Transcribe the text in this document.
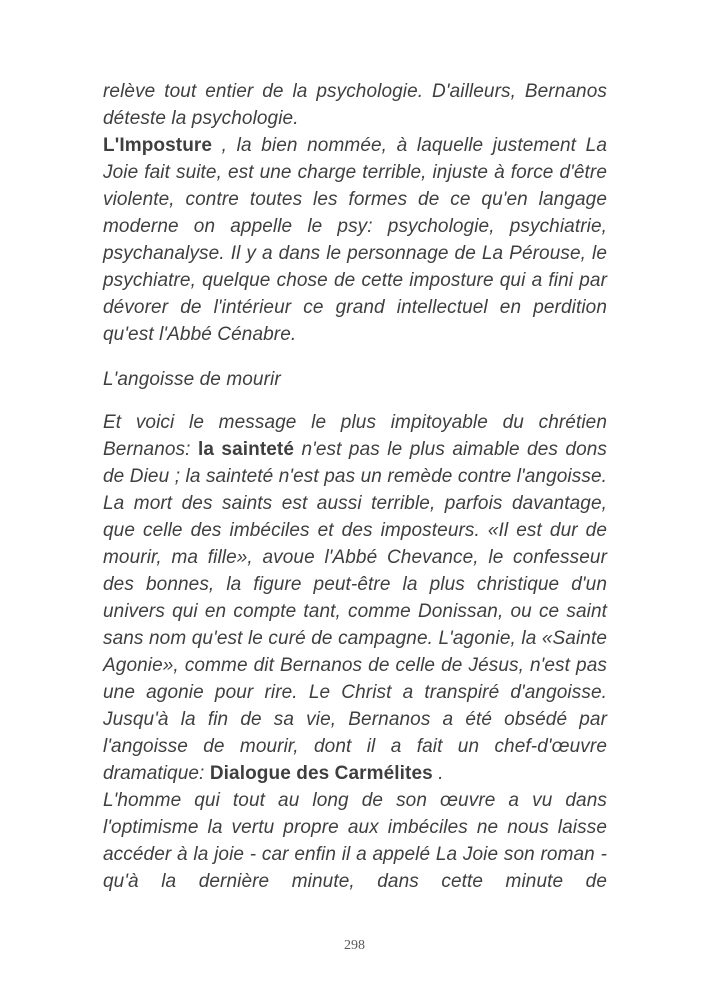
relève tout entier de la psychologie. D'ailleurs, Bernanos déteste la psychologie.

L'Imposture , la bien nommée, à laquelle justement La Joie fait suite, est une charge terrible, injuste à force d'être violente, contre toutes les formes de ce qu'en langage moderne on appelle le psy: psychologie, psychiatrie, psychanalyse. Il y a dans le personnage de La Pérouse, le psychiatre, quelque chose de cette imposture qui a fini par dévorer de l'intérieur ce grand intellectuel en perdition qu'est l'Abbé Cénabre.

L'angoisse de mourir

Et voici le message le plus impitoyable du chrétien Bernanos: la sainteté n'est pas le plus aimable des dons de Dieu ; la sainteté n'est pas un remède contre l'angoisse. La mort des saints est aussi terrible, parfois davantage, que celle des imbéciles et des imposteurs. «Il est dur de mourir, ma fille», avoue l'Abbé Chevance, le confesseur des bonnes, la figure peut-être la plus christique d'un univers qui en compte tant, comme Donissan, ou ce saint sans nom qu'est le curé de campagne. L'agonie, la «Sainte Agonie», comme dit Bernanos de celle de Jésus, n'est pas une agonie pour rire. Le Christ a transpiré d'angoisse. Jusqu'à la fin de sa vie, Bernanos a été obsédé par l'angoisse de mourir, dont il a fait un chef-d'œuvre dramatique: Dialogue des Carmélites .

L'homme qui tout au long de son œuvre a vu dans l'optimisme la vertu propre aux imbéciles ne nous laisse accéder à la joie - car enfin il a appelé La Joie son roman - qu'à la dernière minute, dans cette minute de

298
